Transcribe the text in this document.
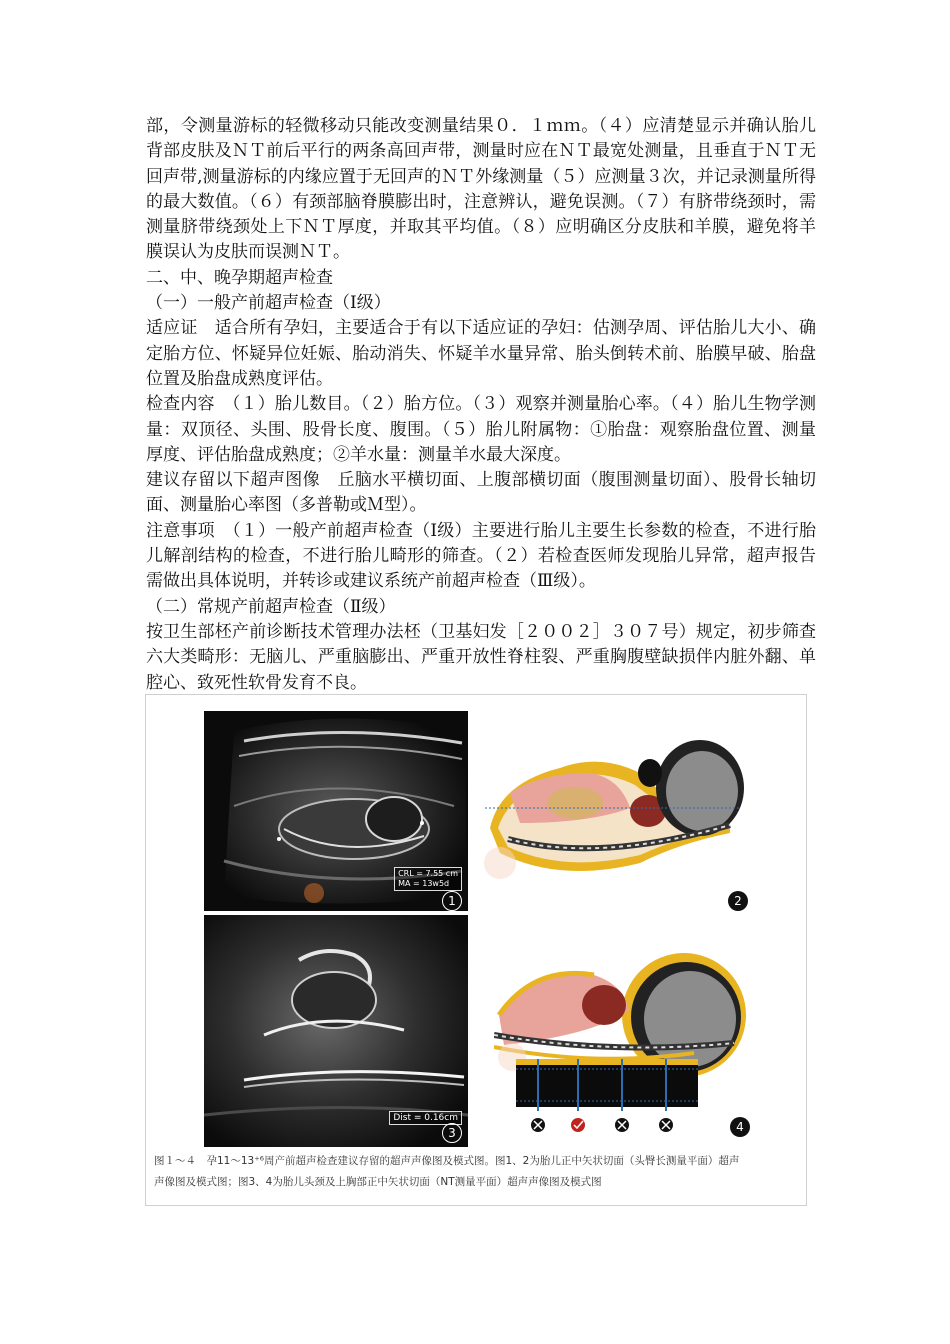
部，令测量游标的轻微移动只能改变测量结果０．１ｍｍ。（４）应清楚显示并确认胎儿背部皮肤及ＮＴ前后平行的两条高回声带，测量时应在ＮＴ最宽处测量，且垂直于ＮＴ无回声带,测量游标的内缘应置于无回声的ＮＴ外缘测量（５）应测量３次，并记录测量所得的最大数值。（６）有颈部脑脊膜膨出时，注意辨认，避免误测。（７）有脐带绕颈时，需测量脐带绕颈处上下ＮＴ厚度，并取其平均值。（８）应明确区分皮肤和羊膜，避免将羊膜误认为皮肤而误测ＮＴ。

二、中、晚孕期超声检查

（一）一般产前超声检查（Ⅰ级）

适应证　适合所有孕妇，主要适合于有以下适应证的孕妇：估测孕周、评估胎儿大小、确定胎方位、怀疑异位妊娠、胎动消失、怀疑羊水量异常、胎头倒转术前、胎膜早破、胎盘位置及胎盘成熟度评估。

检查内容　（１）胎儿数目。（２）胎方位。（３）观察并测量胎心率。（４）胎儿生物学测量：双顶径、头围、股骨长度、腹围。（５）胎儿附属物：①胎盘：观察胎盘位置、测量厚度、评估胎盘成熟度；②羊水量：测量羊水最大深度。

建议存留以下超声图像　丘脑水平横切面、上腹部横切面（腹围测量切面）、股骨长轴切面、测量胎心率图（多普勒或Ｍ型）。

注意事项　（１）一般产前超声检查（Ⅰ级）主要进行胎儿主要生长参数的检查，不进行胎儿解剖结构的检查，不进行胎儿畸形的筛查。（２）若检查医师发现胎儿异常，超声报告需做出具体说明，并转诊或建议系统产前超声检查（Ⅲ级）。

（二）常规产前超声检查（Ⅱ级）

按卫生部柸产前诊断技术管理办法柸（卫基妇发［２００２］３０７号）规定，初步筛查六大类畸形：无脑儿、严重脑膨出、严重开放性脊柱裂、严重胸腹壁缺损伴内脏外翻、单腔心、致死性软骨发育不良。

CRL = 7.55 cm
MA = 13w5d
1
Dist = 0.16cm
3
2
4

图１～４　孕11～13⁺⁶周产前超声检查建议存留的超声声像图及模式图。图1、2为胎儿正中矢状切面（头臀长测量平面）超声

声像图及模式图；图3、4为胎儿头颈及上胸部正中矢状切面（NT测量平面）超声声像图及模式图
